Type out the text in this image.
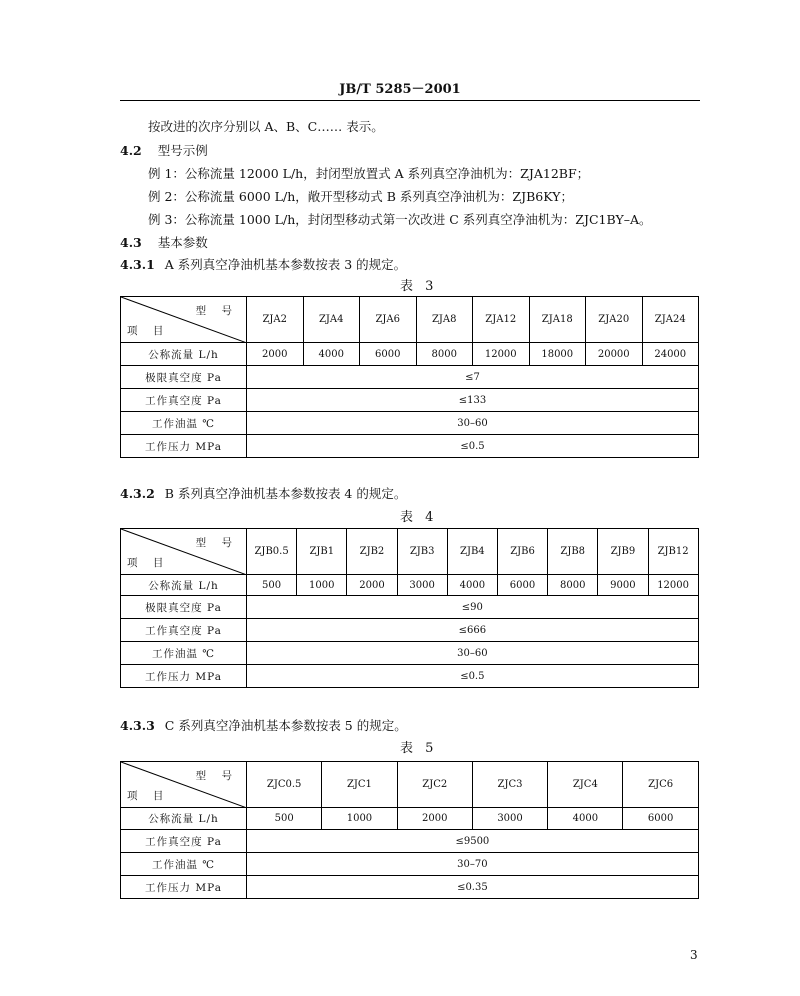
JB/T 5285－2001
按改进的次序分别以 A、B、C…… 表示。
4.2 型号示例
例 1：公称流量 12000 L/h，封闭型放置式 A 系列真空净油机为：ZJA12BF；
例 2：公称流量 6000 L/h，敞开型移动式 B 系列真空净油机为：ZJB6KY；
例 3：公称流量 1000 L/h，封闭型移动式第一次改进 C 系列真空净油机为：ZJC1BY–A。
4.3 基本参数
4.3.1 A 系列真空净油机基本参数按表 3 的规定。
表 3
型 号
项 目	ZJA2	ZJA4	ZJA6	ZJA8	ZJA12	ZJA18	ZJA20	ZJA24
公称流量 L/h	2000	4000	6000	8000	12000	18000	20000	24000
极限真空度 Pa	≤7							
工作真空度 Pa	≤133							
工作油温 ℃	30–60							
工作压力 MPa	≤0.5							
4.3.2 B 系列真空净油机基本参数按表 4 的规定。
表 4
型 号
项 目	ZJB0.5	ZJB1	ZJB2	ZJB3	ZJB4	ZJB6	ZJB8	ZJB9	ZJB12
公称流量 L/h	500	1000	2000	3000	4000	6000	8000	9000	12000
极限真空度 Pa	≤90								
工作真空度 Pa	≤666								
工作油温 ℃	30–60								
工作压力 MPa	≤0.5								
4.3.3 C 系列真空净油机基本参数按表 5 的规定。
表 5
型 号
项 目	ZJC0.5	ZJC1	ZJC2	ZJC3	ZJC4	ZJC6
公称流量 L/h	500	1000	2000	3000	4000	6000
工作真空度 Pa	≤9500					
工作油温 ℃	30–70					
工作压力 MPa	≤0.35					
3
